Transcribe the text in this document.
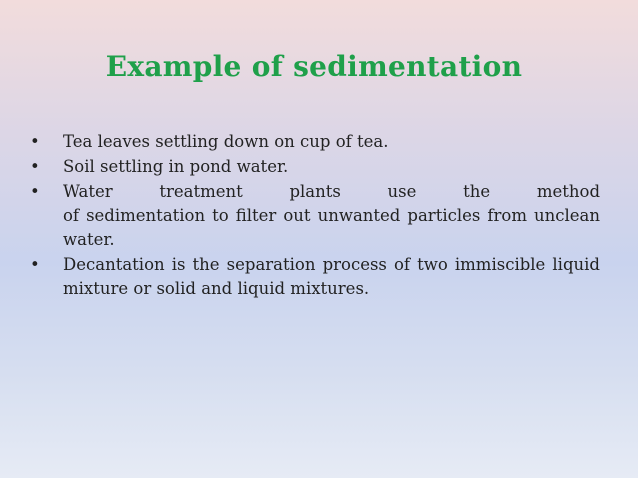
Example of sedimentation
• Tea leaves settling down on cup of tea.
• Soil settling in pond water.
• Water treatment plants use the method
of sedimentation to filter out unwanted particles from unclean water.
• Decantation is the separation process of two immiscible liquid mixture or solid and liquid mixtures.
